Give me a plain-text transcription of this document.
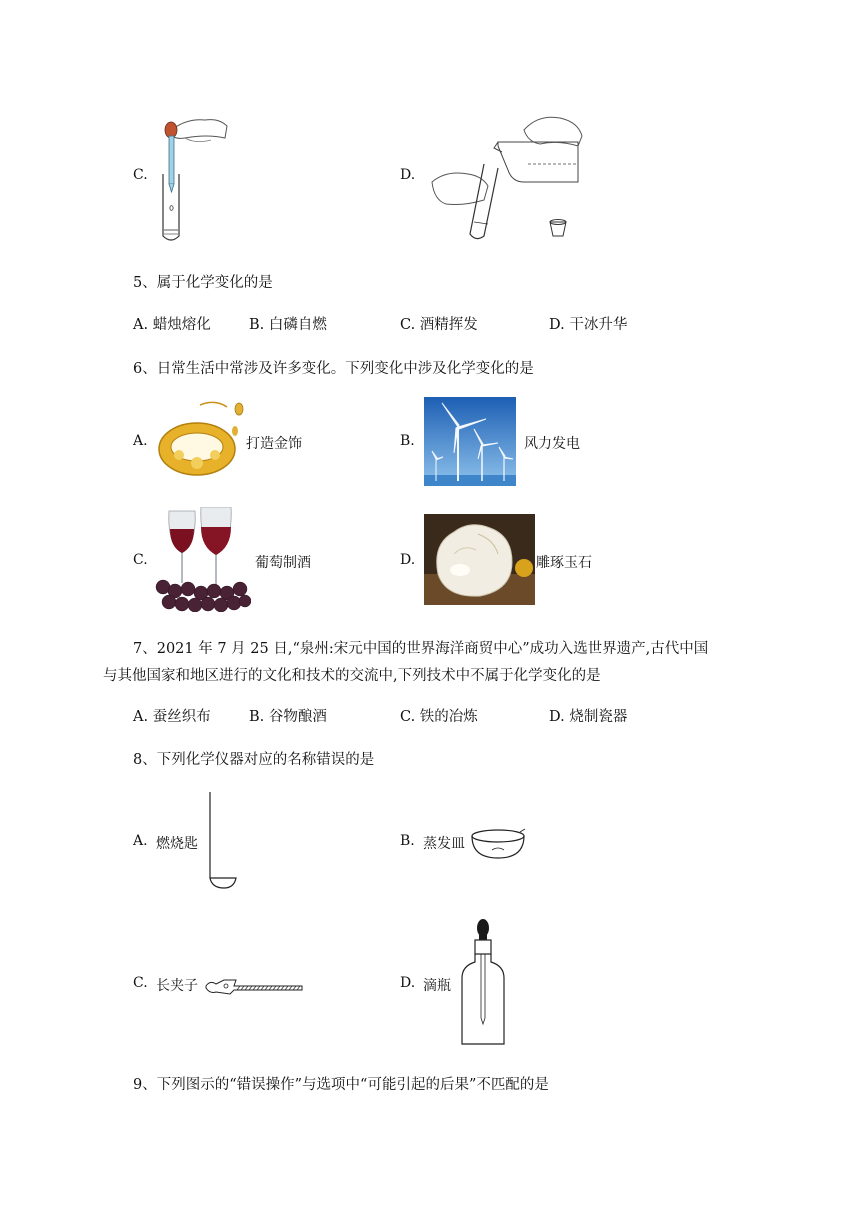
C.	D.
5、属于化学变化的是
A. 蜡烛熔化	B. 白磷自燃	C. 酒精挥发	D. 干冰升华
6、日常生活中常涉及许多变化。下列变化中涉及化学变化的是
A.	打造金饰	B.	风力发电
C.	葡萄制酒	D.	雕琢玉石
7、2021 年 7 月 25 日,“泉州:宋元中国的世界海洋商贸中心”成功入选世界遗产,古代中国
与其他国家和地区进行的文化和技术的交流中,下列技术中不属于化学变化的是
A. 蚕丝织布	B. 谷物酿酒	C. 铁的冶炼	D. 烧制瓷器
8、下列化学仪器对应的名称错误的是
A. 燃烧匙	B. 蒸发皿
C. 长夹子	D. 滴瓶
9、下列图示的“错误操作”与选项中“可能引起的后果”不匹配的是
